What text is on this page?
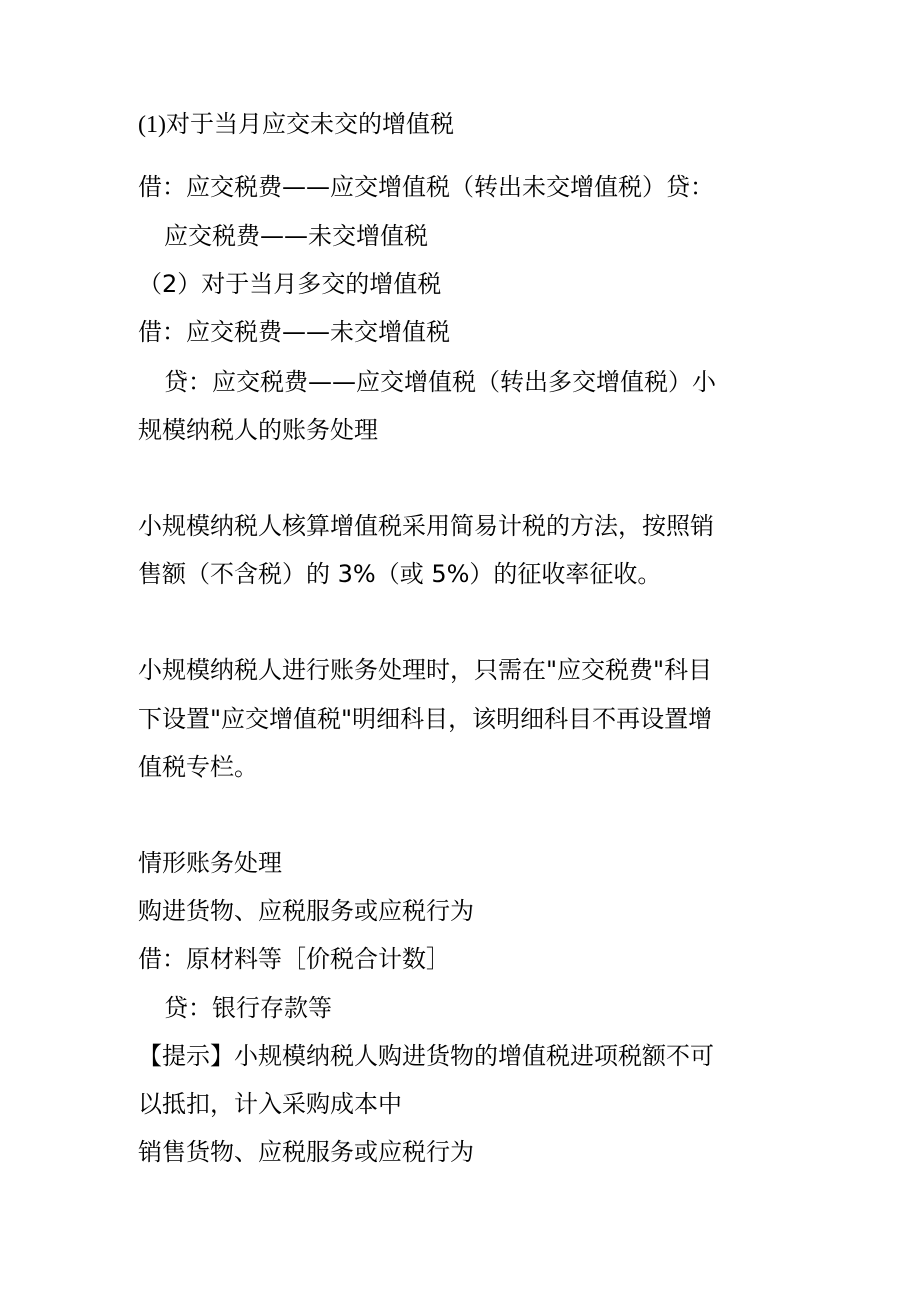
(1)对于当月应交未交的增值税

借：应交税费——应交增值税（转出未交增值税）贷：

应交税费——未交增值税

（2）对于当月多交的增值税

借：应交税费——未交增值税

贷：应交税费——应交增值税（转出多交增值税）小

规模纳税人的账务处理

小规模纳税人核算增值税采用简易计税的方法，按照销

售额（不含税）的 3%（或 5%）的征收率征收。

小规模纳税人进行账务处理时，只需在"应交税费"科目

下设置"应交增值税"明细科目，该明细科目不再设置增

值税专栏。

情形账务处理

购进货物、应税服务或应税行为

借：原材料等［价税合计数］

贷：银行存款等

【提示】小规模纳税人购进货物的增值税进项税额不可

以抵扣，计入采购成本中

销售货物、应税服务或应税行为
